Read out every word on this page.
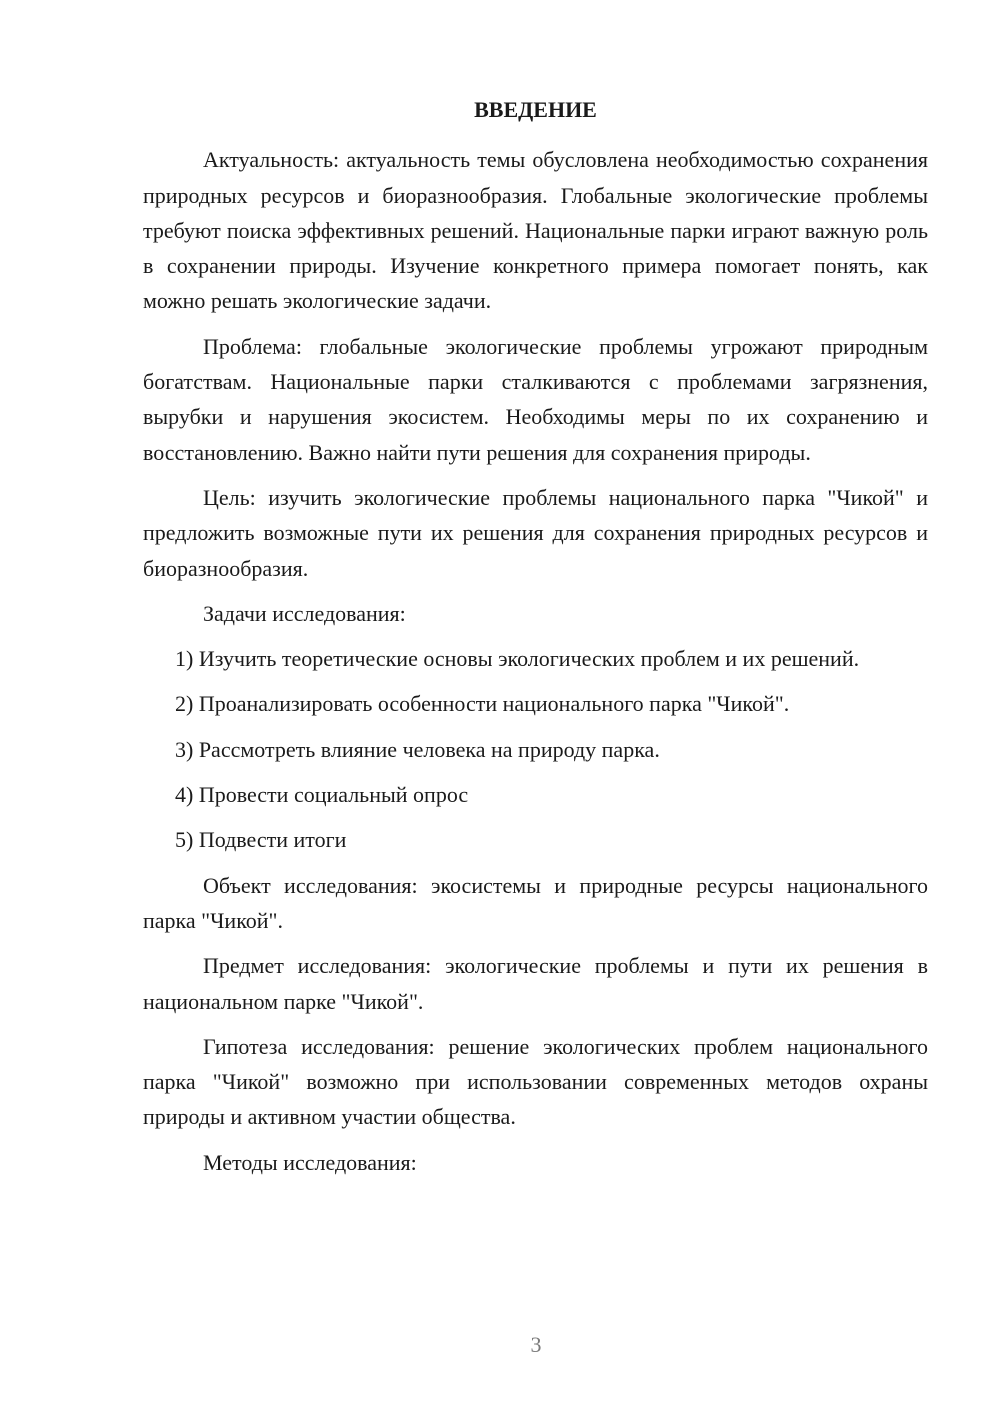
ВВЕДЕНИЕ

Актуальность: актуальность темы обусловлена необходимостью сохранения природных ресурсов и биоразнообразия. Глобальные экологические проблемы требуют поиска эффективных решений. Национальные парки играют важную роль в сохранении природы. Изучение конкретного примера помогает понять, как можно решать экологические задачи.

Проблема: глобальные экологические проблемы угрожают природным богатствам. Национальные парки сталкиваются с проблемами загрязнения, вырубки и нарушения экосистем. Необходимы меры по их сохранению и восстановлению. Важно найти пути решения для сохранения природы.

Цель: изучить экологические проблемы национального парка "Чикой" и предложить возможные пути их решения для сохранения природных ресурсов и биоразнообразия.

Задачи исследования:

1) Изучить теоретические основы экологических проблем и их решений.

2) Проанализировать особенности национального парка "Чикой".

3) Рассмотреть влияние человека на природу парка.

4) Провести социальный опрос

5) Подвести итоги

Объект исследования: экосистемы и природные ресурсы национального парка "Чикой".

Предмет исследования: экологические проблемы и пути их решения в национальном парке "Чикой".

Гипотеза исследования: решение экологических проблем национального парка "Чикой" возможно при использовании современных методов охраны природы и активном участии общества.

Методы исследования:

3
